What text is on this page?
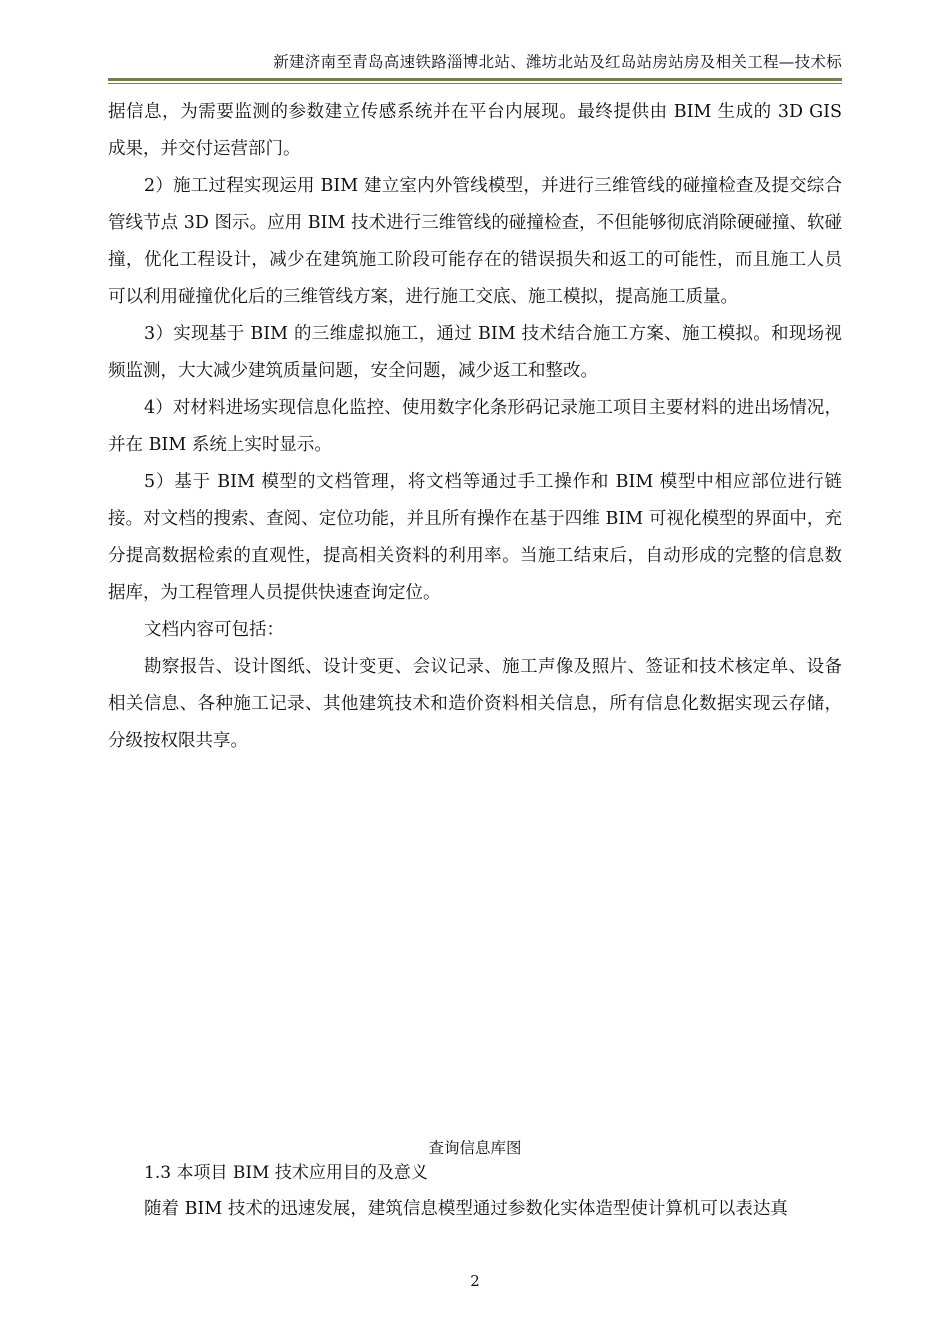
新建济南至青岛高速铁路淄博北站、潍坊北站及红岛站房站房及相关工程—技术标

据信息，为需要监测的参数建立传感系统并在平台内展现。最终提供由 BIM 生成的 3D GIS 成果，并交付运营部门。

2）施工过程实现运用 BIM 建立室内外管线模型，并进行三维管线的碰撞检查及提交综合管线节点 3D 图示。应用 BIM 技术进行三维管线的碰撞检查，不但能够彻底消除硬碰撞、软碰撞，优化工程设计，减少在建筑施工阶段可能存在的错误损失和返工的可能性，而且施工人员可以利用碰撞优化后的三维管线方案，进行施工交底、施工模拟，提高施工质量。

3）实现基于 BIM 的三维虚拟施工，通过 BIM 技术结合施工方案、施工模拟。和现场视频监测，大大减少建筑质量问题，安全问题，减少返工和整改。

4）对材料进场实现信息化监控、使用数字化条形码记录施工项目主要材料的进出场情况，并在 BIM 系统上实时显示。

5）基于 BIM 模型的文档管理，将文档等通过手工操作和 BIM 模型中相应部位进行链接。对文档的搜索、查阅、定位功能，并且所有操作在基于四维 BIM 可视化模型的界面中，充分提高数据检索的直观性，提高相关资料的利用率。当施工结束后，自动形成的完整的信息数据库，为工程管理人员提供快速查询定位。

文档内容可包括：

勘察报告、设计图纸、设计变更、会议记录、施工声像及照片、签证和技术核定单、设备相关信息、各种施工记录、其他建筑技术和造价资料相关信息，所有信息化数据实现云存储，分级按权限共享。

查询信息库图
1.3 本项目 BIM 技术应用目的及意义
随着 BIM 技术的迅速发展，建筑信息模型通过参数化实体造型使计算机可以表达真
2
